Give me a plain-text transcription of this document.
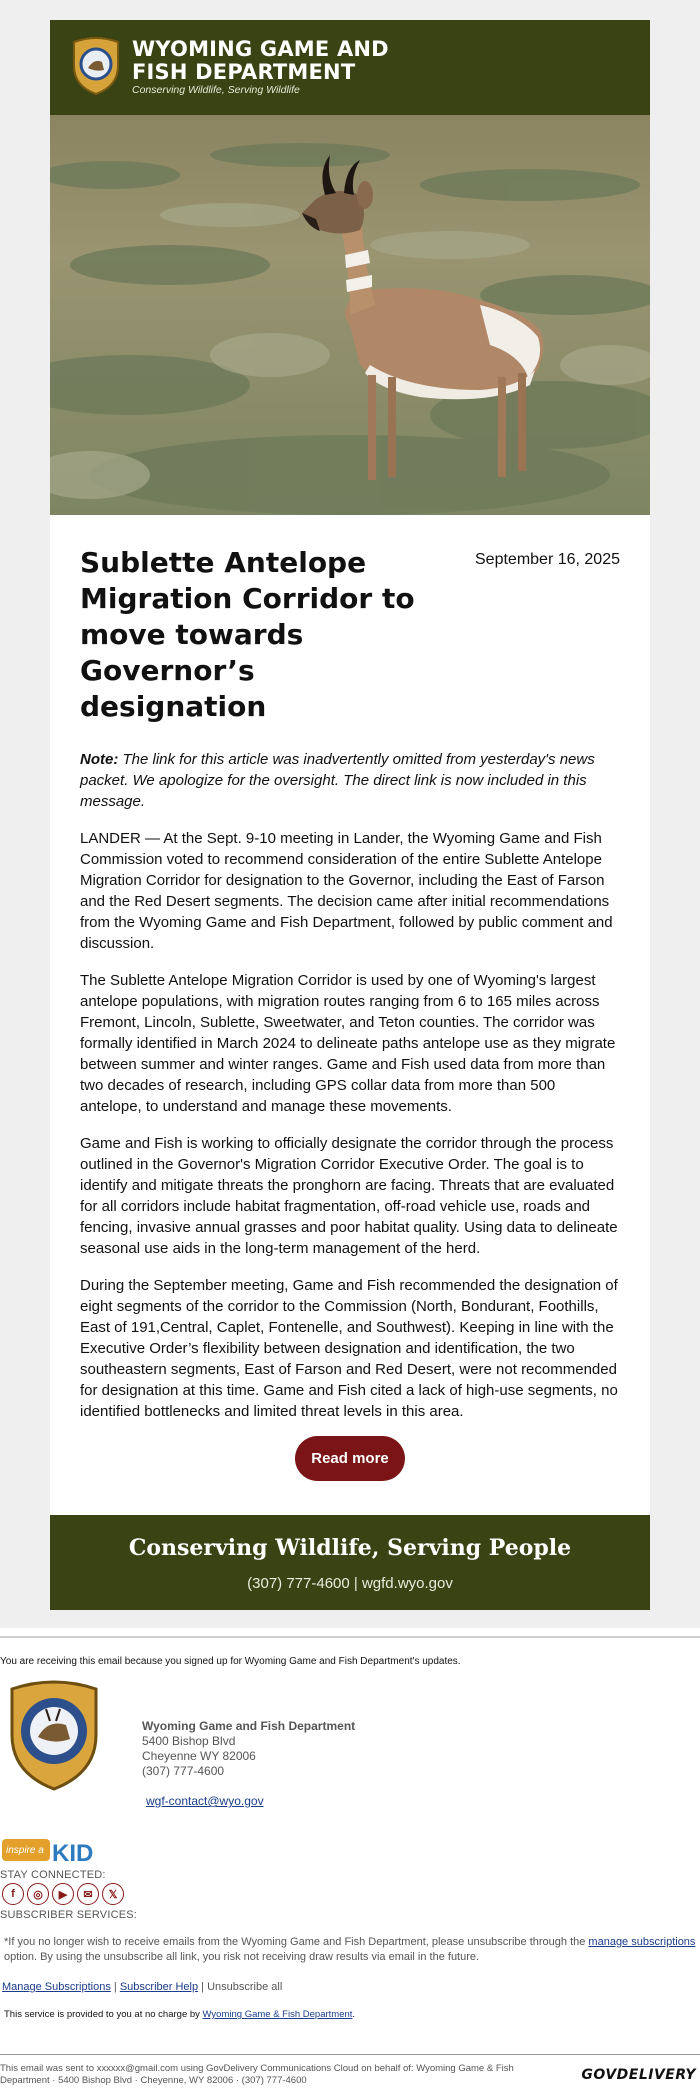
WYOMING GAME AND
FISH DEPARTMENT
Conserving Wildlife, Serving Wildlife
Sublette Antelope Migration Corridor to move towards Governor’s designation
September 16, 2025

Note: The link for this article was inadvertently omitted from yesterday's news packet. We apologize for the oversight. The direct link is now included in this message.

LANDER — At the Sept. 9-10 meeting in Lander, the Wyoming Game and Fish Commission voted to recommend consideration of the entire Sublette Antelope Migration Corridor for designation to the Governor, including the East of Farson and the Red Desert segments. The decision came after initial recommendations from the Wyoming Game and Fish Department, followed by public comment and discussion.

The Sublette Antelope Migration Corridor is used by one of Wyoming's largest antelope populations, with migration routes ranging from 6 to 165 miles across Fremont, Lincoln, Sublette, Sweetwater, and Teton counties. The corridor was formally identified in March 2024 to delineate paths antelope use as they migrate between summer and winter ranges. Game and Fish used data from more than two decades of research, including GPS collar data from more than 500 antelope, to understand and manage these movements.

Game and Fish is working to officially designate the corridor through the process outlined in the Governor's Migration Corridor Executive Order. The goal is to identify and mitigate threats the pronghorn are facing. Threats that are evaluated for all corridors include habitat fragmentation, off-road vehicle use, roads and fencing, invasive annual grasses and poor habitat quality. Using data to delineate seasonal use aids in the long-term management of the herd.

During the September meeting, Game and Fish recommended the designation of eight segments of the corridor to the Commission (North, Bondurant, Foothills, East of 191,Central, Caplet, Fontenelle, and Southwest). Keeping in line with the Executive Order’s flexibility between designation and identification, the two southeastern segments, East of Farson and Red Desert, were not recommended for designation at this time. Game and Fish cited a lack of high-use segments, no identified bottlenecks and limited threat levels in this area.

Read more
Conserving Wildlife, Serving People
(307) 777-4600 | wgfd.wyo.gov
You are receiving this email because you signed up for Wyoming Game and Fish Department's updates.
Wyoming Game and Fish Department
5400 Bishop Blvd
Cheyenne WY 82006
(307) 777-4600
wgf-contact@wyo.gov
KID
inspire a
STAY CONNECTED:
f	◎	▶	✉	𝕏
SUBSCRIBER SERVICES:
*If you no longer wish to receive emails from the Wyoming Game and Fish Department, please unsubscribe through the manage subscriptions option. By using the unsubscribe all link, you risk not receiving draw results via email in the future.
Manage Subscriptions | Subscriber Help | Unsubscribe all
This service is provided to you at no charge by Wyoming Game & Fish Department.
This email was sent to xxxxxx@gmail.com using GovDelivery Communications Cloud on behalf of: Wyoming Game & Fish Department · 5400 Bishop Blvd · Cheyenne, WY 82006 · (307) 777-4600	GOVDELIVERY
